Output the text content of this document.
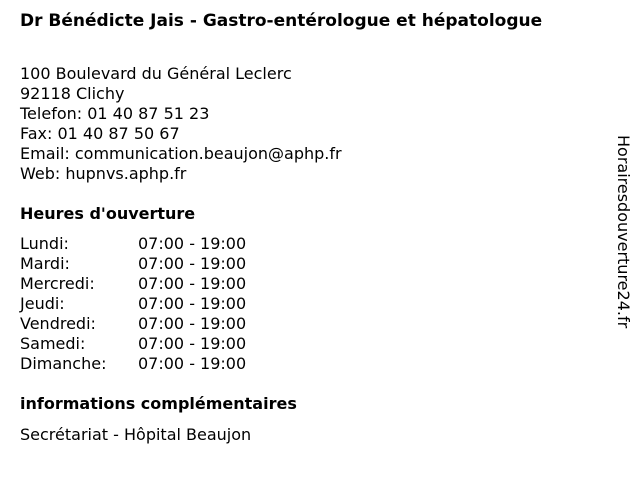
Dr Bénédicte Jais - Gastro-entérologue et hépatologue
100 Boulevard du Général Leclerc
92118 Clichy
Telefon: 01 40 87 51 23
Fax: 01 40 87 50 67
Email: communication.beaujon@aphp.fr
Web: hupnvs.aphp.fr
Heures d'ouverture
Lundi:	07:00 - 19:00
Mardi:	07:00 - 19:00
Mercredi:	07:00 - 19:00
Jeudi:	07:00 - 19:00
Vendredi:	07:00 - 19:00
Samedi:	07:00 - 19:00
Dimanche:	07:00 - 19:00
informations complémentaires
Secrétariat - Hôpital Beaujon
Horairesdouverture24.fr
